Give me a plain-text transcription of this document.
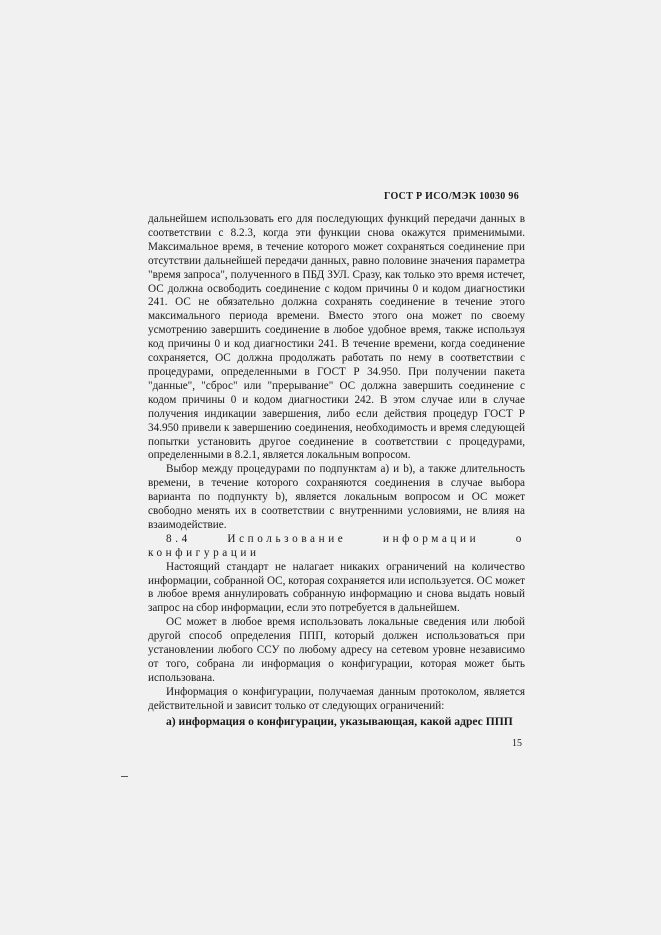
ГОСТ Р ИСО/МЭК 10030 96

дальнейшем использовать его для последующих функций передачи данных в соответствии с 8.2.3, когда эти функции снова окажутся применимыми. Максимальное время, в течение которого может сохраняться соединение при отсутствии дальнейшей передачи данных, равно половине значения параметра "время запроса", полученного в ПБД ЗУЛ. Сразу, как только это время истечет, ОС должна освободить соединение с кодом причины 0 и кодом диагностики 241. ОС не обязательно должна сохранять соединение в течение этого максимального периода времени. Вместо этого она может по своему усмотрению завершить соединение в любое удобное время, также используя код причины 0 и код диагностики 241. В течение времени, когда соединение сохраняется, ОС должна продолжать работать по нему в соответствии с процедурами, определенными в ГОСТ Р 34.950. При получении пакета "данные", "сброс" или "прерывание" ОС должна завершить соединение с кодом причины 0 и кодом диагностики 242. В этом случае или в случае получения индикации завершения, либо если действия процедур ГОСТ Р 34.950 привели к завершению соединения, необходимость и время следующей попытки установить другое соединение в соответствии с процедурами, определенными в 8.2.1, является локальным вопросом.

Выбор между процедурами по подпунктам а) и b), а также длительность времени, в течение которого сохраняются соединения в случае выбора варианта по подпункту b), является локальным вопросом и ОС может свободно менять их в соответствии с внутренними условиями, не влияя на взаимодействие.

8.4 Использование информации о конфигурации

Настоящий стандарт не налагает никаких ограничений на количество информации, собранной ОС, которая сохраняется или используется. ОС может в любое время аннулировать собранную информацию и снова выдать новый запрос на сбор информации, если это потребуется в дальнейшем.

ОС может в любое время использовать локальные сведения или любой другой способ определения ППП, который должен использоваться при установлении любого ССУ по любому адресу на сетевом уровне независимо от того, собрана ли информация о конфигурации, которая может быть использована.

Информация о конфигурации, получаемая данным протоколом, является действительной и зависит только от следующих ограничений:

а) информация о конфигурации, указывающая, какой адрес ППП

15
